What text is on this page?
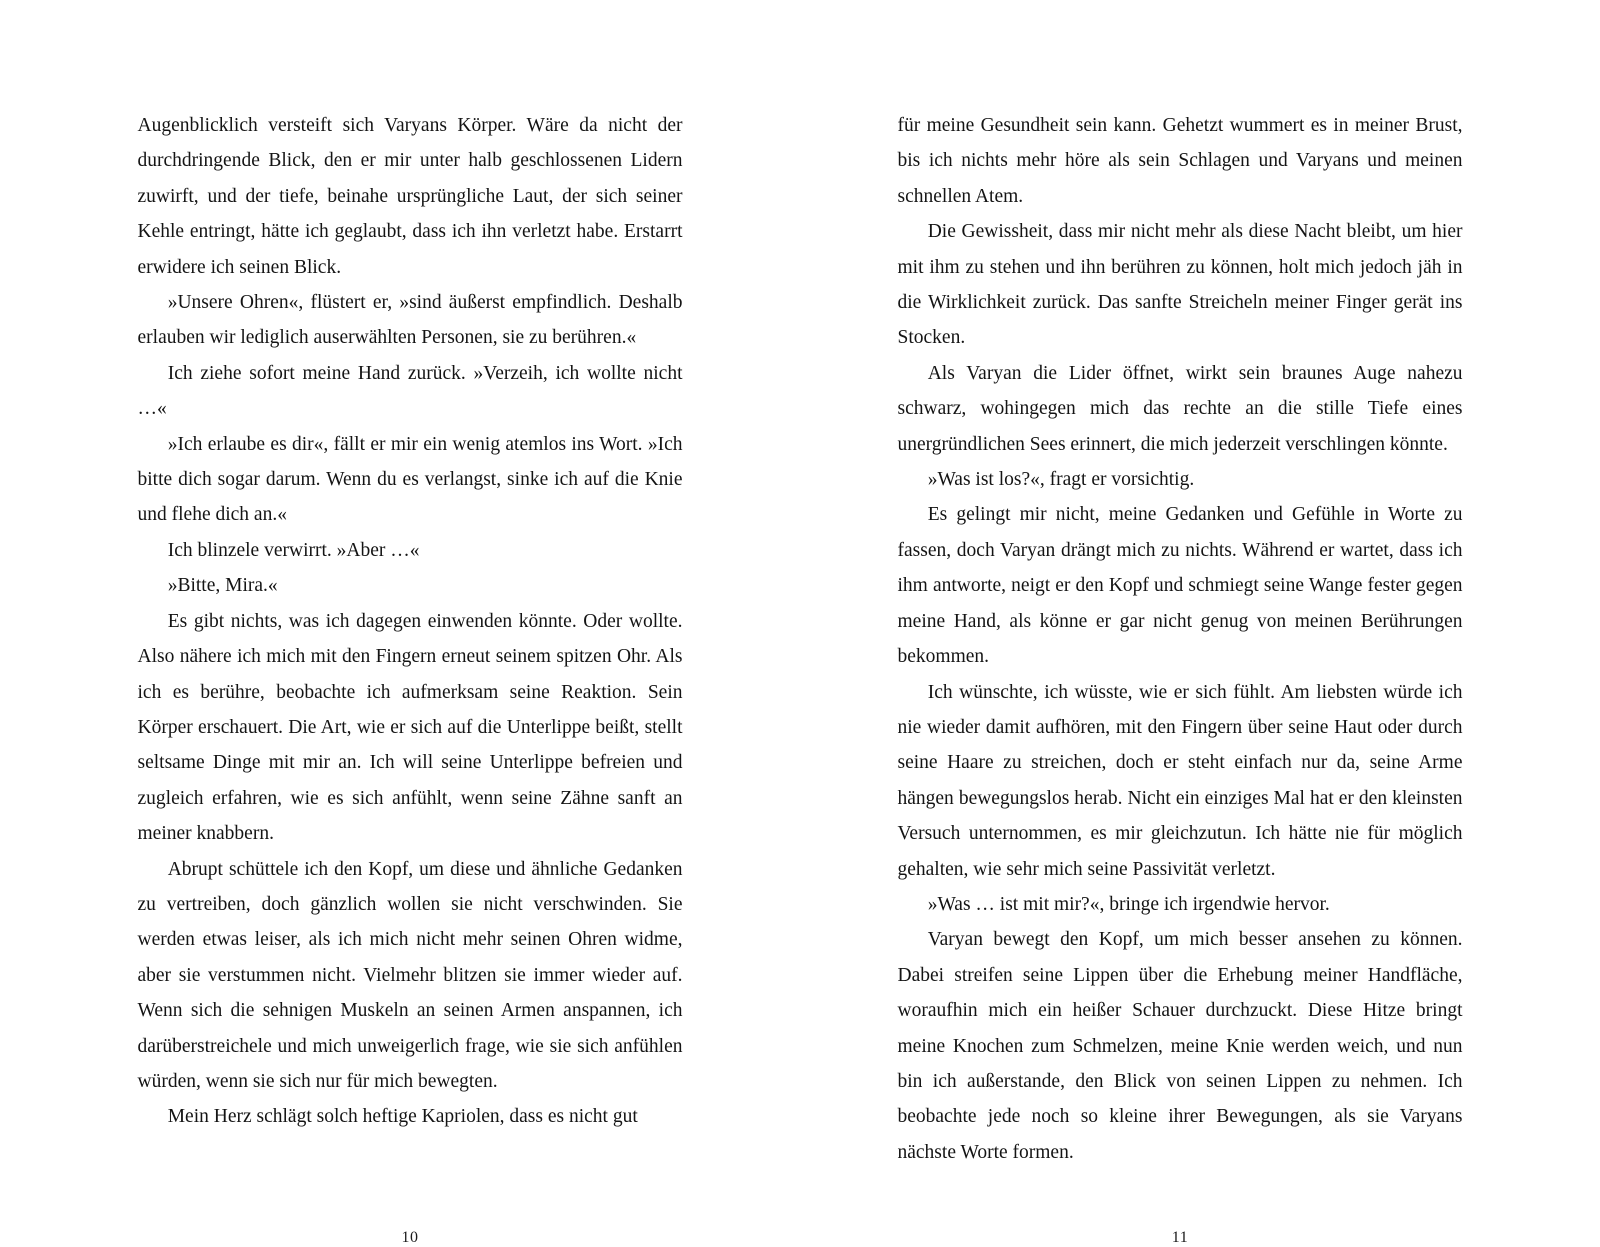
Augenblicklich versteift sich Varyans Körper. Wäre da nicht der durchdringende Blick, den er mir unter halb geschlossenen Lidern zuwirft, und der tiefe, beinahe ursprüngliche Laut, der sich seiner Kehle entringt, hätte ich geglaubt, dass ich ihn verletzt habe. Erstarrt erwidere ich seinen Blick.

»Unsere Ohren«, flüstert er, »sind äußerst empfindlich. Deshalb erlauben wir lediglich auserwählten Personen, sie zu berühren.«

Ich ziehe sofort meine Hand zurück. »Verzeih, ich wollte nicht …«

»Ich erlaube es dir«, fällt er mir ein wenig atemlos ins Wort. »Ich bitte dich sogar darum. Wenn du es verlangst, sinke ich auf die Knie und flehe dich an.«

Ich blinzele verwirrt. »Aber …«

»Bitte, Mira.«

Es gibt nichts, was ich dagegen einwenden könnte. Oder wollte. Also nähere ich mich mit den Fingern erneut seinem spitzen Ohr. Als ich es berühre, beobachte ich aufmerksam seine Reaktion. Sein Körper erschauert. Die Art, wie er sich auf die Unterlippe beißt, stellt seltsame Dinge mit mir an. Ich will seine Unterlippe befreien und zugleich erfahren, wie es sich anfühlt, wenn seine Zähne sanft an meiner knabbern.

Abrupt schüttele ich den Kopf, um diese und ähnliche Gedanken zu vertreiben, doch gänzlich wollen sie nicht verschwinden. Sie werden etwas leiser, als ich mich nicht mehr seinen Ohren widme, aber sie verstummen nicht. Vielmehr blitzen sie immer wieder auf. Wenn sich die sehnigen Muskeln an seinen Armen anspannen, ich darüberstreichele und mich unweigerlich frage, wie sie sich anfühlen würden, wenn sie sich nur für mich bewegten.

Mein Herz schlägt solch heftige Kapriolen, dass es nicht gut

10

für meine Gesundheit sein kann. Gehetzt wummert es in meiner Brust, bis ich nichts mehr höre als sein Schlagen und Varyans und meinen schnellen Atem.

Die Gewissheit, dass mir nicht mehr als diese Nacht bleibt, um hier mit ihm zu stehen und ihn berühren zu können, holt mich jedoch jäh in die Wirklichkeit zurück. Das sanfte Streicheln meiner Finger gerät ins Stocken.

Als Varyan die Lider öffnet, wirkt sein braunes Auge nahezu schwarz, wohingegen mich das rechte an die stille Tiefe eines unergründlichen Sees erinnert, die mich jederzeit verschlingen könnte.

»Was ist los?«, fragt er vorsichtig.

Es gelingt mir nicht, meine Gedanken und Gefühle in Worte zu fassen, doch Varyan drängt mich zu nichts. Während er wartet, dass ich ihm antworte, neigt er den Kopf und schmiegt seine Wange fester gegen meine Hand, als könne er gar nicht genug von meinen Berührungen bekommen.

Ich wünschte, ich wüsste, wie er sich fühlt. Am liebsten würde ich nie wieder damit aufhören, mit den Fingern über seine Haut oder durch seine Haare zu streichen, doch er steht einfach nur da, seine Arme hängen bewegungslos herab. Nicht ein einziges Mal hat er den kleinsten Versuch unternommen, es mir gleichzutun. Ich hätte nie für möglich gehalten, wie sehr mich seine Passivität verletzt.

»Was … ist mit mir?«, bringe ich irgendwie hervor.

Varyan bewegt den Kopf, um mich besser ansehen zu können. Dabei streifen seine Lippen über die Erhebung meiner Handfläche, woraufhin mich ein heißer Schauer durchzuckt. Diese Hitze bringt meine Knochen zum Schmelzen, meine Knie werden weich, und nun bin ich außerstande, den Blick von seinen Lippen zu nehmen. Ich beobachte jede noch so kleine ihrer Bewegungen, als sie Varyans nächste Worte formen.

11
